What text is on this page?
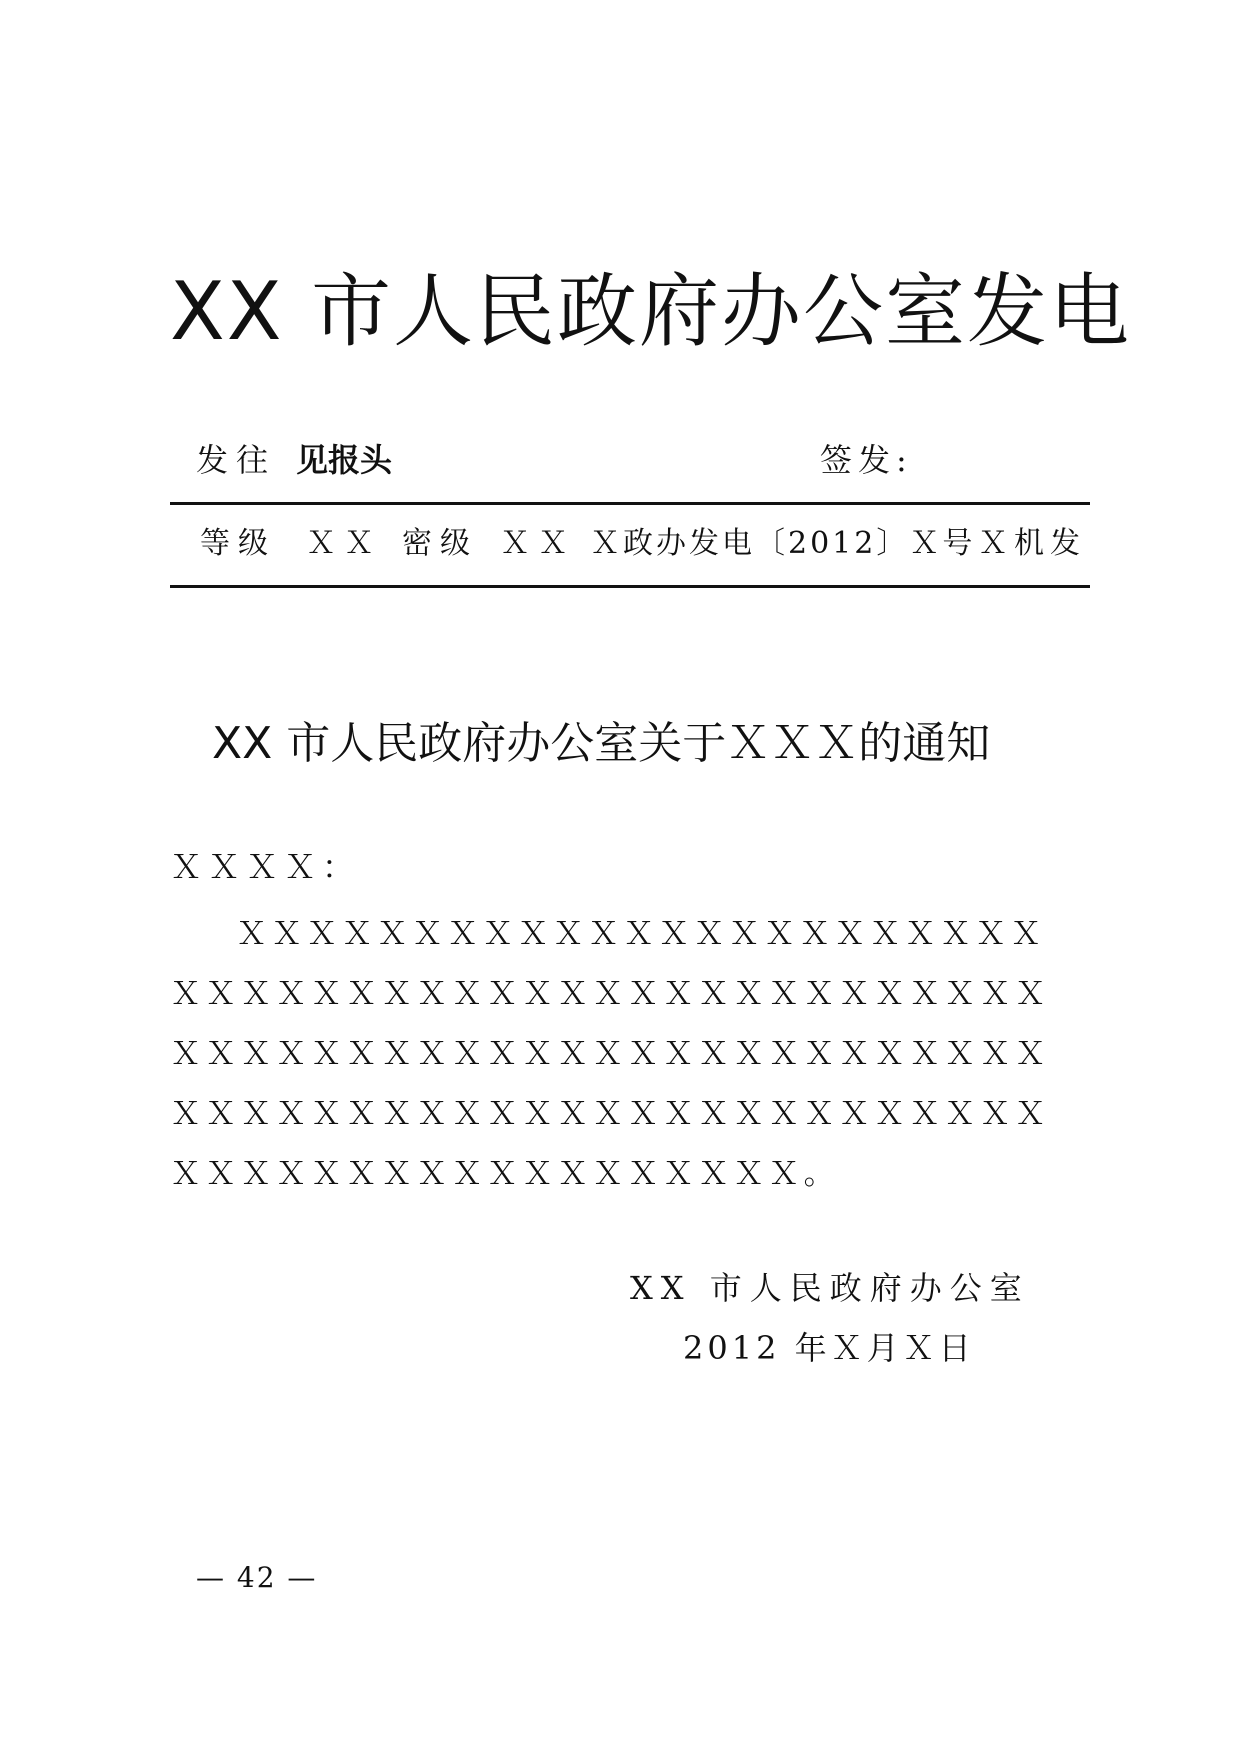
XX 市人民政府办公室发电
发往 见报头	签发:
等级 ＸＸ 密级 ＸＸ Ｘ政办发电〔2012〕Ｘ号 Ｘ机发
XX 市人民政府办公室关于ＸＸＸ的通知
ＸＸＸＸ：
ＸＸＸＸＸＸＸＸＸＸＸＸＸＸＸＸＸＸＸＸＸＸＸＸＸＸＸＸＸＸＸＸＸＸＸＸＸＸＸＸＸＸＸＸＸＸＸＸＸＸＸＸＸＸＸＸＸＸＸＸＸＸＸＸＸＸＸＸＸＸＸＸＸＸＸＸＸＸＸＸＸＸＸＸＸＸＸＸＸＸＸＸＸＸＸＸＸＸＸＸＸＸＸＸＸＸＸＸＸＸＸＸＸＸＸＸ。
XX 市人民政府办公室
2012 年Ｘ月Ｘ日
— 42 —
